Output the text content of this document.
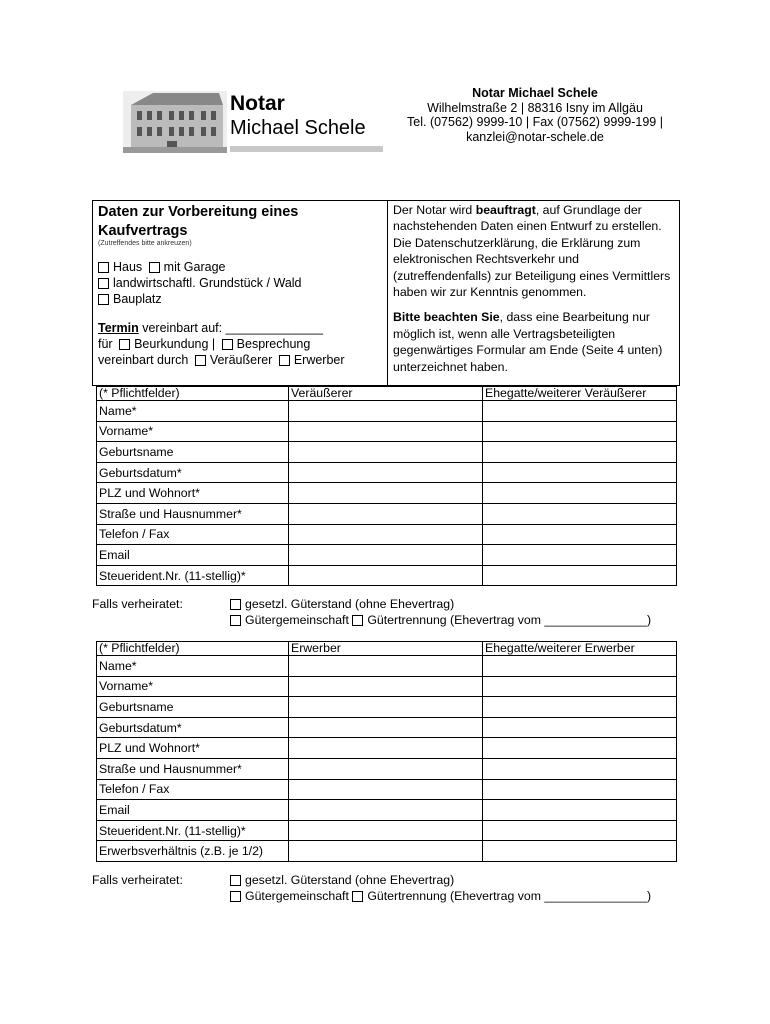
Notar
Michael Schele
Notar Michael Schele
Wilhelmstraße 2 | 88316 Isny im Allgäu
Tel. (07562) 9999-10 | Fax (07562) 9999-199 |
kanzlei@notar-schele.de
Daten zur Vorbereitung eines
Kaufvertrags
(Zutreffendes bitte ankreuzen)
Haus mit Garage
landwirtschaftl. Grundstück / Wald
Bauplatz
Termin vereinbart auf: ______________
für Beurkundung | Besprechung
vereinbart durch Veräußerer Erwerber

Der Notar wird beauftragt, auf Grundlage der nachstehenden Daten einen Entwurf zu erstellen. Die Datenschutzerklärung, die Erklärung zum elektronischen Rechtsverkehr und (zutreffendenfalls) zur Beteiligung eines Vermittlers haben wir zur Kenntnis genommen.

Bitte beachten Sie, dass eine Bearbeitung nur möglich ist, wenn alle Vertragsbeteiligten gegenwärtiges Formular am Ende (Seite 4 unten) unterzeichnet haben.

(* Pflichtfelder)	Veräußerer	Ehegatte/weiterer Veräußerer
Name*		
Vorname*		
Geburtsname		
Geburtsdatum*		
PLZ und Wohnort*		
Straße und Hausnummer*		
Telefon / Fax		
Email		
Steuerident.Nr. (11-stellig)*		
Falls verheiratet:	gesetzl. Güterstand (ohne Ehevertrag)
Gütergemeinschaft Gütertrennung (Ehevertrag vom _______________)
(* Pflichtfelder)	Erwerber	Ehegatte/weiterer Erwerber
Name*		
Vorname*		
Geburtsname		
Geburtsdatum*		
PLZ und Wohnort*		
Straße und Hausnummer*		
Telefon / Fax		
Email		
Steuerident.Nr. (11-stellig)*		
Erwerbsverhältnis (z.B. je 1/2)		
Falls verheiratet:	gesetzl. Güterstand (ohne Ehevertrag)
Gütergemeinschaft Gütertrennung (Ehevertrag vom _______________)
